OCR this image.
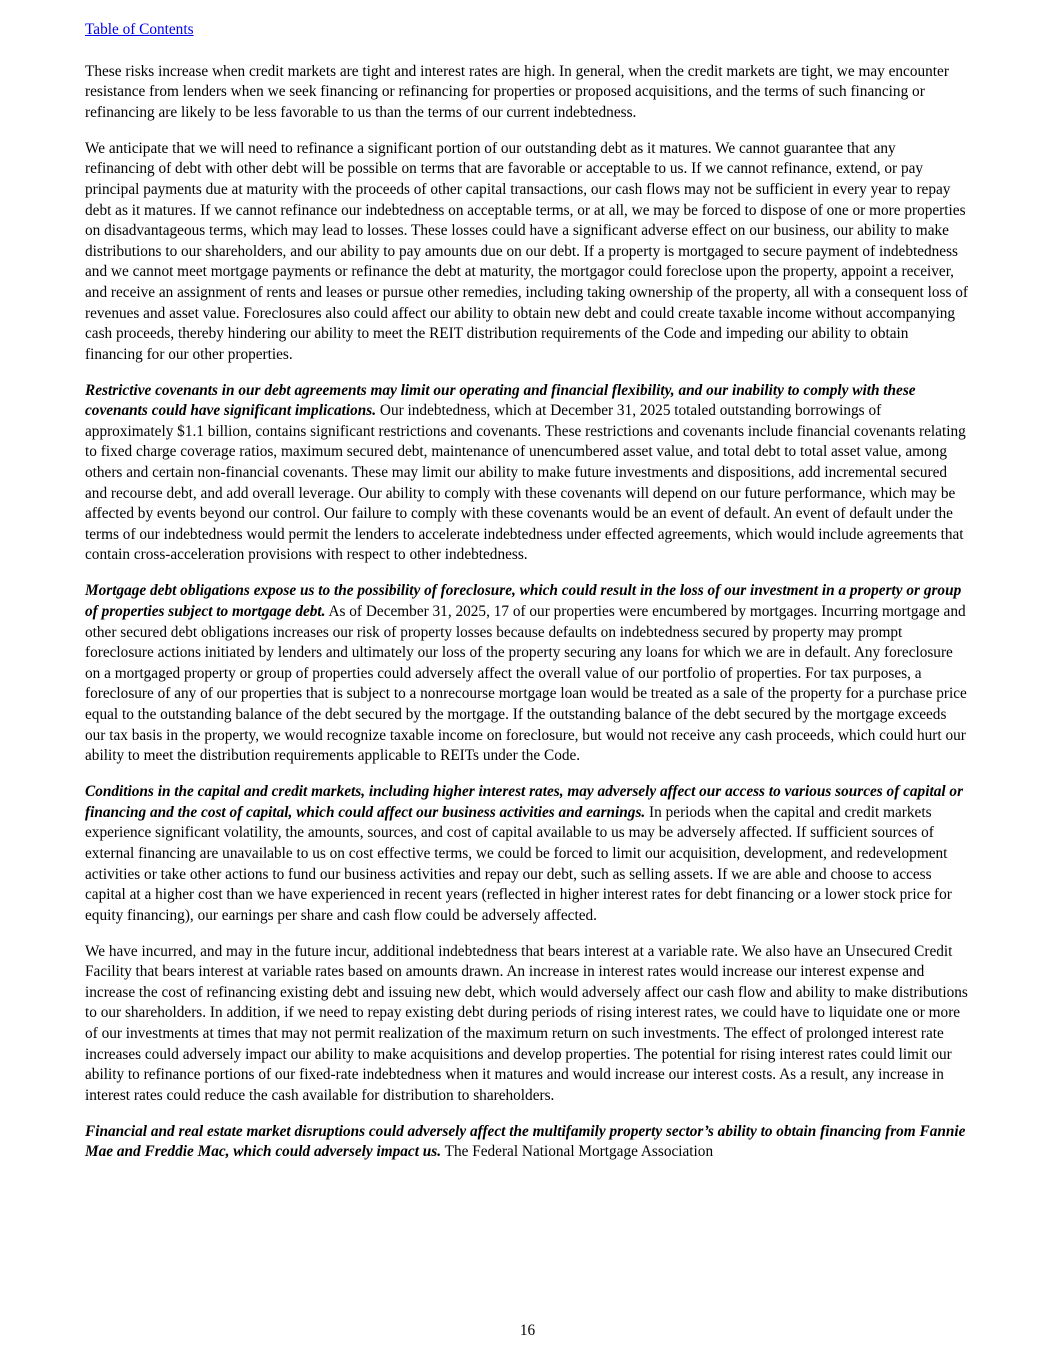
Table of Contents

These risks increase when credit markets are tight and interest rates are high. In general, when the credit markets are tight, we may encounter resistance from lenders when we seek financing or refinancing for properties or proposed acquisitions, and the terms of such financing or refinancing are likely to be less favorable to us than the terms of our current indebtedness.

We anticipate that we will need to refinance a significant portion of our outstanding debt as it matures. We cannot guarantee that any refinancing of debt with other debt will be possible on terms that are favorable or acceptable to us. If we cannot refinance, extend, or pay principal payments due at maturity with the proceeds of other capital transactions, our cash flows may not be sufficient in every year to repay debt as it matures. If we cannot refinance our indebtedness on acceptable terms, or at all, we may be forced to dispose of one or more properties on disadvantageous terms, which may lead to losses. These losses could have a significant adverse effect on our business, our ability to make distributions to our shareholders, and our ability to pay amounts due on our debt. If a property is mortgaged to secure payment of indebtedness and we cannot meet mortgage payments or refinance the debt at maturity, the mortgagor could foreclose upon the property, appoint a receiver, and receive an assignment of rents and leases or pursue other remedies, including taking ownership of the property, all with a consequent loss of revenues and asset value. Foreclosures also could affect our ability to obtain new debt and could create taxable income without accompanying cash proceeds, thereby hindering our ability to meet the REIT distribution requirements of the Code and impeding our ability to obtain financing for our other properties.

Restrictive covenants in our debt agreements may limit our operating and financial flexibility, and our inability to comply with these covenants could have significant implications. Our indebtedness, which at December 31, 2025 totaled outstanding borrowings of approximately $1.1 billion, contains significant restrictions and covenants. These restrictions and covenants include financial covenants relating to fixed charge coverage ratios, maximum secured debt, maintenance of unencumbered asset value, and total debt to total asset value, among others and certain non-financial covenants. These may limit our ability to make future investments and dispositions, add incremental secured and recourse debt, and add overall leverage. Our ability to comply with these covenants will depend on our future performance, which may be affected by events beyond our control. Our failure to comply with these covenants would be an event of default. An event of default under the terms of our indebtedness would permit the lenders to accelerate indebtedness under effected agreements, which would include agreements that contain cross-acceleration provisions with respect to other indebtedness.

Mortgage debt obligations expose us to the possibility of foreclosure, which could result in the loss of our investment in a property or group of properties subject to mortgage debt. As of December 31, 2025, 17 of our properties were encumbered by mortgages. Incurring mortgage and other secured debt obligations increases our risk of property losses because defaults on indebtedness secured by property may prompt foreclosure actions initiated by lenders and ultimately our loss of the property securing any loans for which we are in default. Any foreclosure on a mortgaged property or group of properties could adversely affect the overall value of our portfolio of properties. For tax purposes, a foreclosure of any of our properties that is subject to a nonrecourse mortgage loan would be treated as a sale of the property for a purchase price equal to the outstanding balance of the debt secured by the mortgage. If the outstanding balance of the debt secured by the mortgage exceeds our tax basis in the property, we would recognize taxable income on foreclosure, but would not receive any cash proceeds, which could hurt our ability to meet the distribution requirements applicable to REITs under the Code.

Conditions in the capital and credit markets, including higher interest rates, may adversely affect our access to various sources of capital or financing and the cost of capital, which could affect our business activities and earnings. In periods when the capital and credit markets experience significant volatility, the amounts, sources, and cost of capital available to us may be adversely affected. If sufficient sources of external financing are unavailable to us on cost effective terms, we could be forced to limit our acquisition, development, and redevelopment activities or take other actions to fund our business activities and repay our debt, such as selling assets. If we are able and choose to access capital at a higher cost than we have experienced in recent years (reflected in higher interest rates for debt financing or a lower stock price for equity financing), our earnings per share and cash flow could be adversely affected.

We have incurred, and may in the future incur, additional indebtedness that bears interest at a variable rate. We also have an Unsecured Credit Facility that bears interest at variable rates based on amounts drawn. An increase in interest rates would increase our interest expense and increase the cost of refinancing existing debt and issuing new debt, which would adversely affect our cash flow and ability to make distributions to our shareholders. In addition, if we need to repay existing debt during periods of rising interest rates, we could have to liquidate one or more of our investments at times that may not permit realization of the maximum return on such investments. The effect of prolonged interest rate increases could adversely impact our ability to make acquisitions and develop properties. The potential for rising interest rates could limit our ability to refinance portions of our fixed-rate indebtedness when it matures and would increase our interest costs. As a result, any increase in interest rates could reduce the cash available for distribution to shareholders.

Financial and real estate market disruptions could adversely affect the multifamily property sector’s ability to obtain financing from Fannie Mae and Freddie Mac, which could adversely impact us. The Federal National Mortgage Association

16
